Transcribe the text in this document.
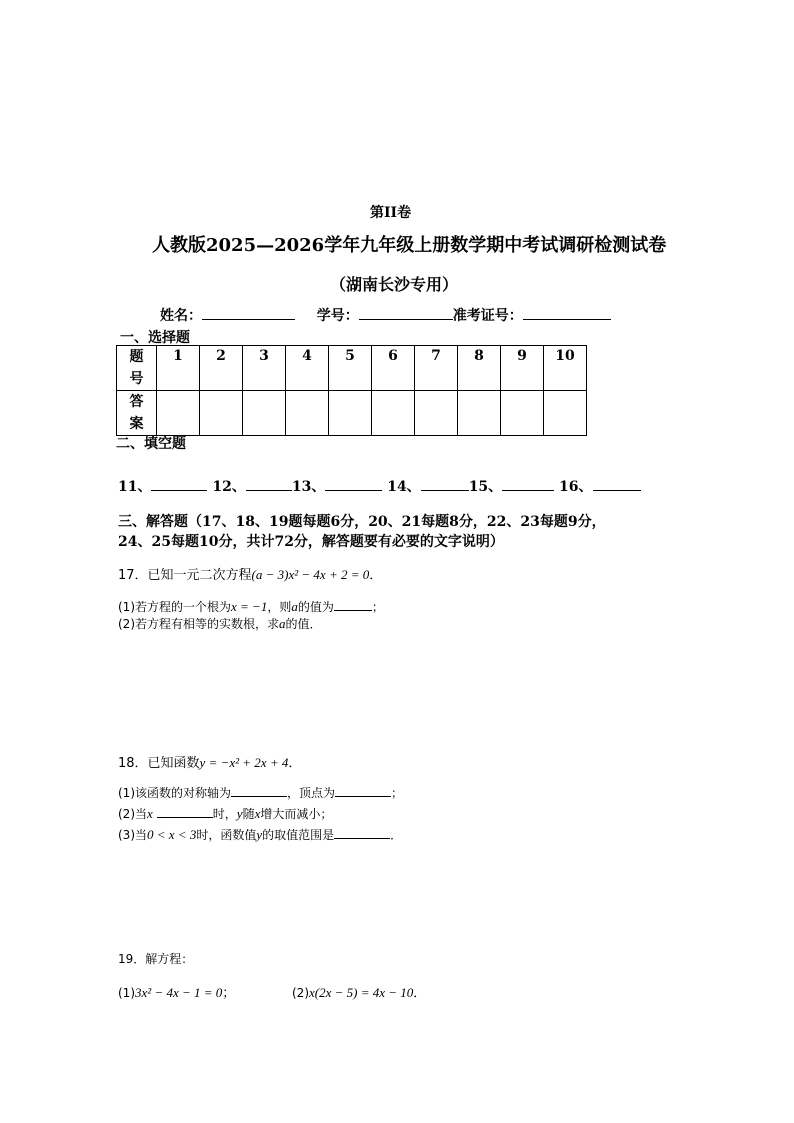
第II卷
人教版2025—2026学年九年级上册数学期中考试调研检测试卷
（湖南长沙专用）
姓名：	学号：	准考证号：
一、选择题
题
号	1	2	3	4	5	6	7	8	9	10
答
案										
二、填空题
11、	12、	13、	14、	15、	16、
三、解答题（17、18、19题每题6分，20、21每题8分，22、23每题9分，
24、25每题10分，共计72分，解答题要有必要的文字说明）
17．已知一元二次方程(a − 3)x² − 4x + 2 = 0．
(1)若方程的一个根为x = −1，则a的值为	；
(2)若方程有相等的实数根，求a的值．
18．已知函数y = −x² + 2x + 4．
(1)该函数的对称轴为	，顶点为	；
(2)当x	时，y随x增大而减小；
(3)当0 < x < 3时，函数值y的取值范围是	．
19．解方程：
(1)3x² − 4x − 1 = 0；	(2)x(2x − 5) = 4x − 10．
